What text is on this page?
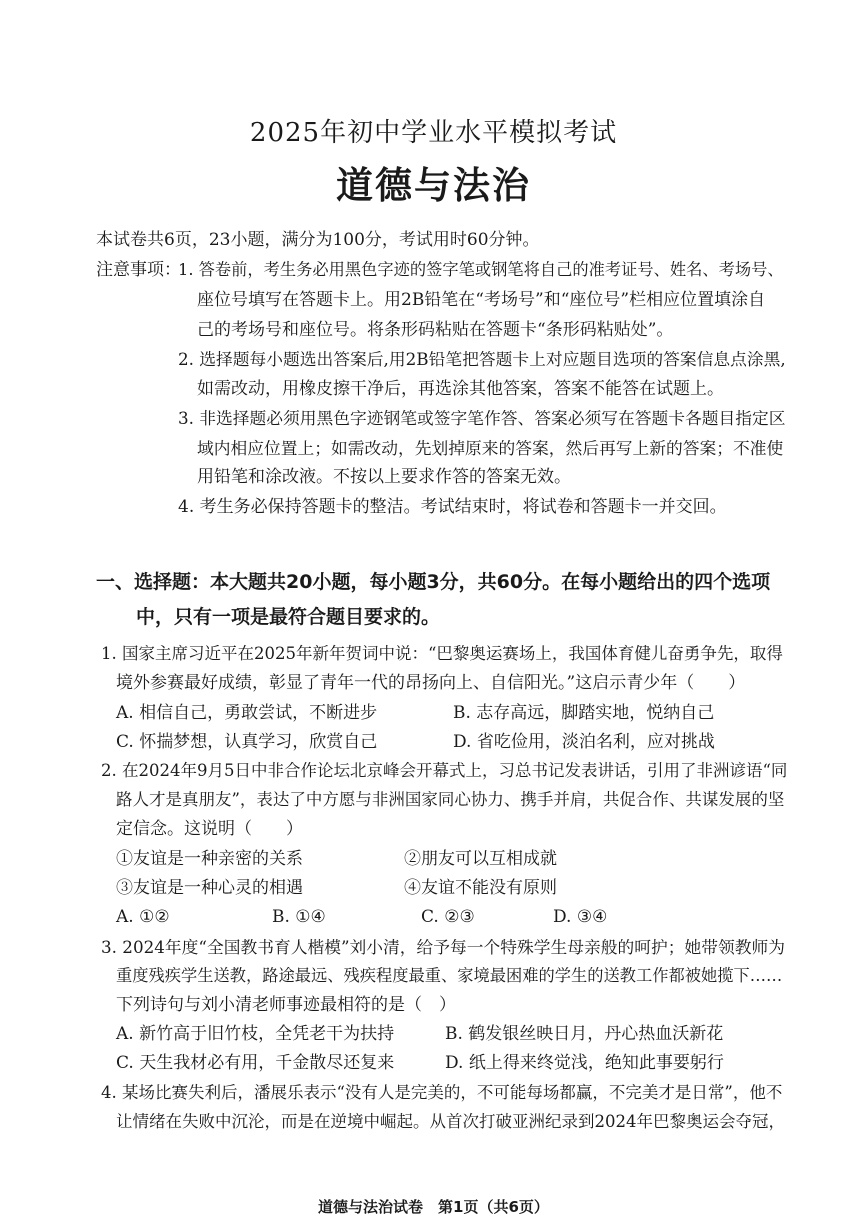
2025年初中学业水平模拟考试
道德与法治
本试卷共6页，23小题，满分为100分，考试用时60分钟。
注意事项：
1. 答卷前，考生务必用黑色字迹的签字笔或钢笔将自己的准考证号、姓名、考场号、
座位号填写在答题卡上。用2B铅笔在“考场号”和“座位号”栏相应位置填涂自
己的考场号和座位号。将条形码粘贴在答题卡“条形码粘贴处”。
2. 选择题每小题选出答案后,用2B铅笔把答题卡上对应题目选项的答案信息点涂黑,
如需改动，用橡皮擦干净后，再选涂其他答案，答案不能答在试题上。
3. 非选择题必须用黑色字迹钢笔或签字笔作答、答案必须写在答题卡各题目指定区
域内相应位置上；如需改动，先划掉原来的答案，然后再写上新的答案；不准使
用铅笔和涂改液。不按以上要求作答的答案无效。
4. 考生务必保持答题卡的整洁。考试结束时，将试卷和答题卡一并交回。
一、选择题：本大题共20小题，每小题3分，共60分。在每小题给出的四个选项
中，只有一项是最符合题目要求的。
1. 国家主席习近平在2025年新年贺词中说：“巴黎奥运赛场上，我国体育健儿奋勇争先，取得
境外参赛最好成绩，彰显了青年一代的昂扬向上、自信阳光。”这启示青少年（　　）
A. 相信自己，勇敢尝试，不断进步	B. 志存高远，脚踏实地，悦纳自己
C. 怀揣梦想，认真学习，欣赏自己	D. 省吃俭用，淡泊名利，应对挑战
2. 在2024年9月5日中非合作论坛北京峰会开幕式上，习总书记发表讲话，引用了非洲谚语“同
路人才是真朋友”，表达了中方愿与非洲国家同心协力、携手并肩，共促合作、共谋发展的坚
定信念。这说明（　　）
①友谊是一种亲密的关系	②朋友可以互相成就
③友谊是一种心灵的相遇	④友谊不能没有原则
A. ①②	B. ①④	C. ②③	D. ③④
3. 2024年度“全国教书育人楷模”刘小清，给予每一个特殊学生母亲般的呵护；她带领教师为
重度残疾学生送教，路途最远、残疾程度最重、家境最困难的学生的送教工作都被她揽下……
下列诗句与刘小清老师事迹最相符的是（　）
A. 新竹高于旧竹枝，全凭老干为扶持	B. 鹤发银丝映日月，丹心热血沃新花
C. 天生我材必有用，千金散尽还复来	D. 纸上得来终觉浅，绝知此事要躬行
4. 某场比赛失利后，潘展乐表示“没有人是完美的，不可能每场都赢，不完美才是日常”，他不
让情绪在失败中沉沦，而是在逆境中崛起。从首次打破亚洲纪录到2024年巴黎奥运会夺冠，
道德与法治试卷　第1页（共6页）
